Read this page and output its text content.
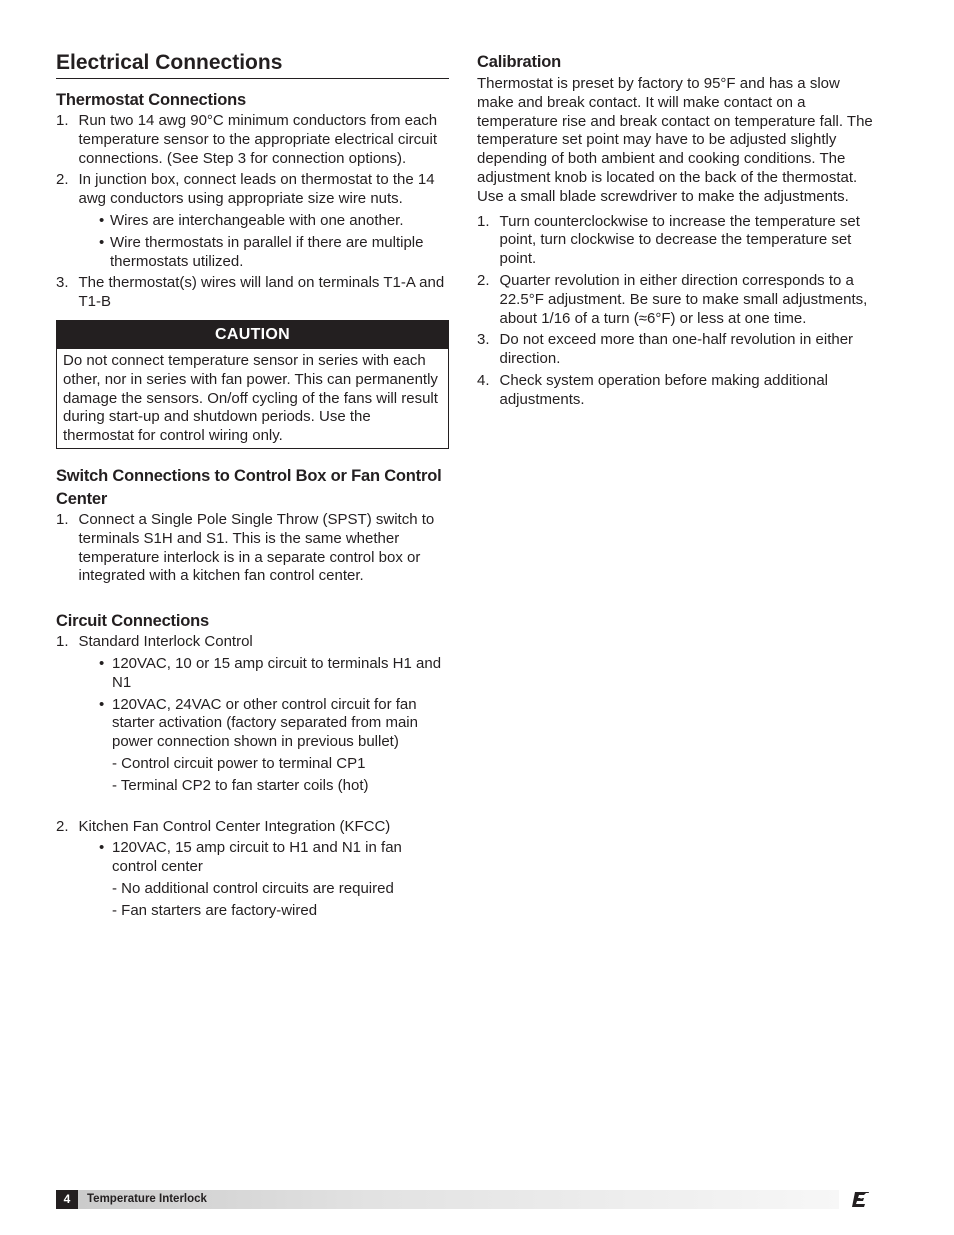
Electrical Connections
Thermostat Connections
1. Run two 14 awg 90°C minimum conductors from each temperature sensor to the appropriate electrical circuit connections. (See Step 3 for connection options).
2. In junction box, connect leads on thermostat to the 14 awg conductors using appropriate size wire nuts.
• Wires are interchangeable with one another.
• Wire thermostats in parallel if there are multiple thermostats utilized.
3. The thermostat(s) wires will land on terminals T1-A and T1-B
CAUTION
Do not connect temperature sensor in series with each other, nor in series with fan power. This can permanently damage the sensors. On/off cycling of the fans will result during start-up and shutdown periods. Use the thermostat for control wiring only.
Switch Connections to Control Box or Fan Control Center
1. Connect a Single Pole Single Throw (SPST) switch to terminals S1H and S1. This is the same whether temperature interlock is in a separate control box or integrated with a kitchen fan control center.
Circuit Connections
1. Standard Interlock Control
• 120VAC, 10 or 15 amp circuit to terminals H1 and N1
• 120VAC, 24VAC or other control circuit for fan starter activation (factory separated from main power connection shown in previous bullet)
- Control circuit power to terminal CP1
- Terminal CP2 to fan starter coils (hot)
2. Kitchen Fan Control Center Integration (KFCC)
• 120VAC, 15 amp circuit to H1 and N1 in fan control center
- No additional control circuits are required
- Fan starters are factory-wired
Calibration

Thermostat is preset by factory to 95°F and has a slow make and break contact. It will make contact on a temperature rise and break contact on temperature fall. The temperature set point may have to be adjusted slightly depending of both ambient and cooking conditions. The adjustment knob is located on the back of the thermostat. Use a small blade screwdriver to make the adjustments.

1. Turn counterclockwise to increase the temperature set point, turn clockwise to decrease the temperature set point.
2. Quarter revolution in either direction corresponds to a 22.5°F adjustment. Be sure to make small adjustments, about 1/16 of a turn (≈6°F) or less at one time.
3. Do not exceed more than one-half revolution in either direction.
4. Check system operation before making additional adjustments.
4	Temperature Interlock
